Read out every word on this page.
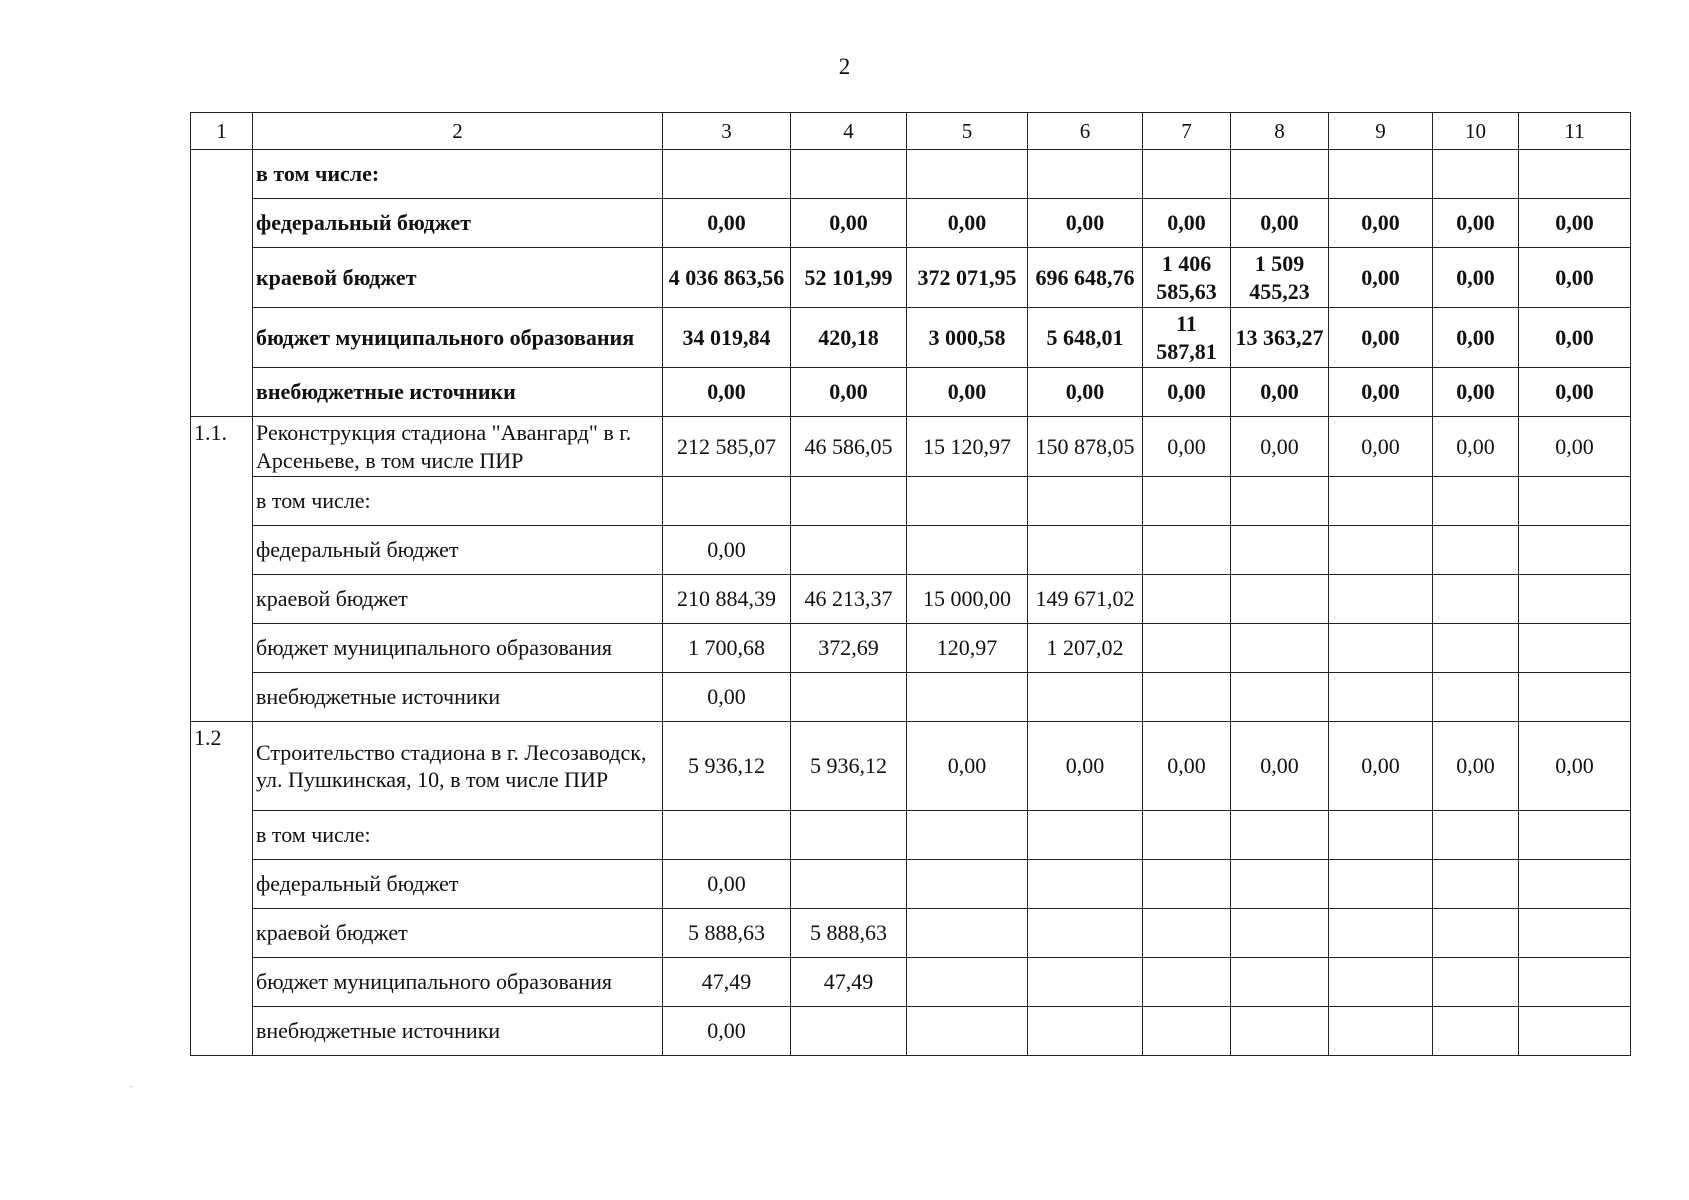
2
1	2	3	4	5	6	7	8	9	10	11
	в том числе:									
	федеральный бюджет	0,00	0,00	0,00	0,00	0,00	0,00	0,00	0,00	0,00
	краевой бюджет	4 036 863,56	52 101,99	372 071,95	696 648,76	1 406 585,63	1 509 455,23	0,00	0,00	0,00
	бюджет муниципального образования	34 019,84	420,18	3 000,58	5 648,01	11 587,81	13 363,27	0,00	0,00	0,00
	внебюджетные источники	0,00	0,00	0,00	0,00	0,00	0,00	0,00	0,00	0,00
1.1.	Реконструкция стадиона "Авангард" в г. Арсеньеве, в том числе ПИР	212 585,07	46 586,05	15 120,97	150 878,05	0,00	0,00	0,00	0,00	0,00
	в том числе:									
	федеральный бюджет	0,00								
	краевой бюджет	210 884,39	46 213,37	15 000,00	149 671,02					
	бюджет муниципального образования	1 700,68	372,69	120,97	1 207,02					
	внебюджетные источники	0,00								
1.2	Строительство стадиона в г. Лесозаводск, ул. Пушкинская, 10, в том числе ПИР	5 936,12	5 936,12	0,00	0,00	0,00	0,00	0,00	0,00	0,00
	в том числе:									
	федеральный бюджет	0,00								
	краевой бюджет	5 888,63	5 888,63							
	бюджет муниципального образования	47,49	47,49							
	внебюджетные источники	0,00								
.
